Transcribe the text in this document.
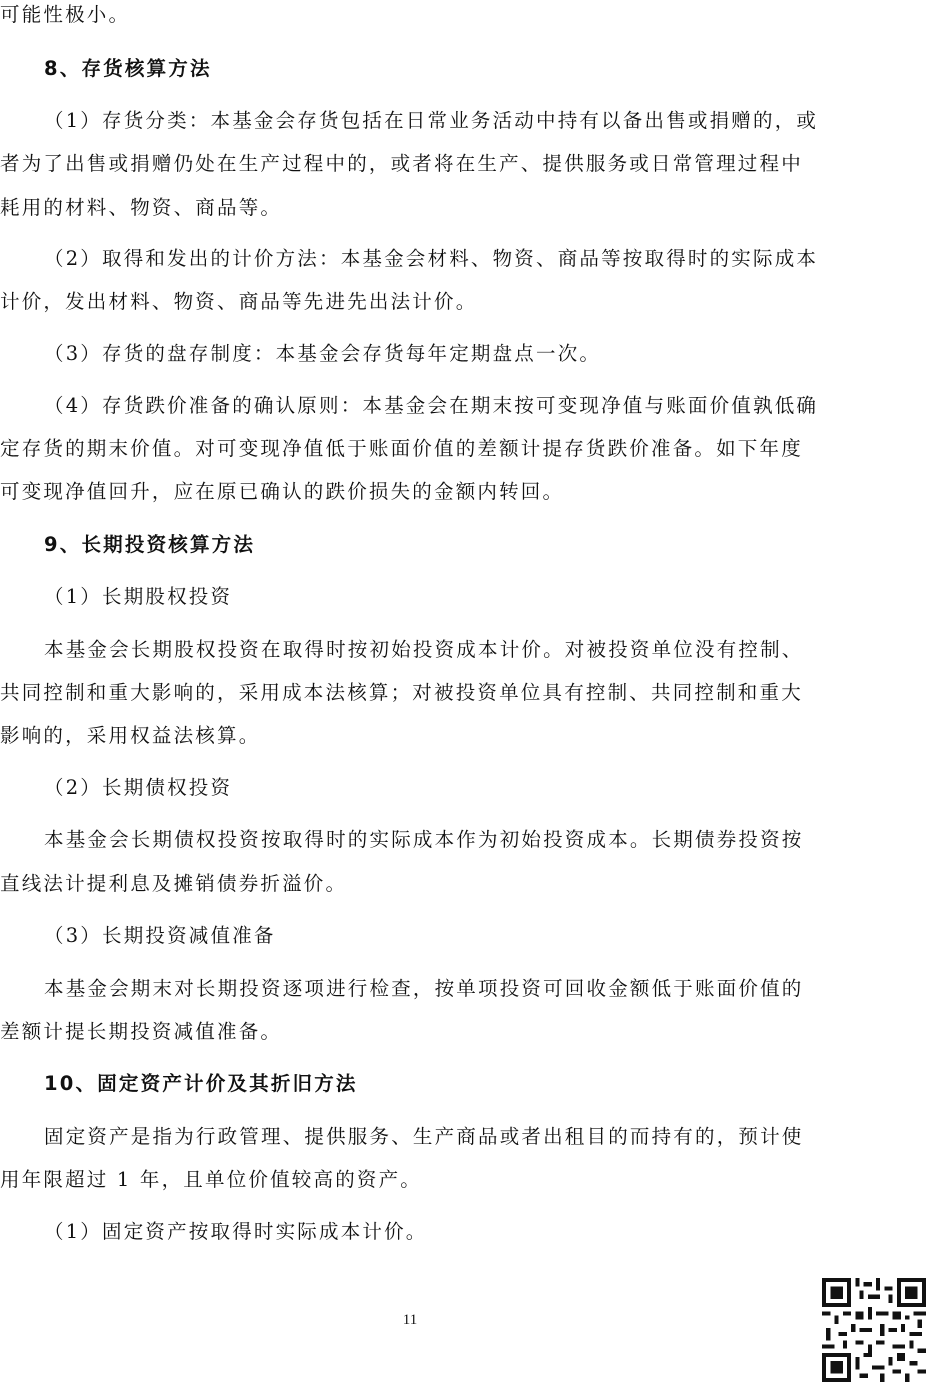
可能性极小。
8、存货核算方法
（1）存货分类：本基金会存货包括在日常业务活动中持有以备出售或捐赠的，或
者为了出售或捐赠仍处在生产过程中的，或者将在生产、提供服务或日常管理过程中
耗用的材料、物资、商品等。
（2）取得和发出的计价方法：本基金会材料、物资、商品等按取得时的实际成本
计价，发出材料、物资、商品等先进先出法计价。
（3）存货的盘存制度：本基金会存货每年定期盘点一次。
（4）存货跌价准备的确认原则：本基金会在期末按可变现净值与账面价值孰低确
定存货的期末价值。对可变现净值低于账面价值的差额计提存货跌价准备。如下年度
可变现净值回升，应在原已确认的跌价损失的金额内转回。
9、长期投资核算方法
（1）长期股权投资
本基金会长期股权投资在取得时按初始投资成本计价。对被投资单位没有控制、
共同控制和重大影响的，采用成本法核算；对被投资单位具有控制、共同控制和重大
影响的，采用权益法核算。
（2）长期债权投资
本基金会长期债权投资按取得时的实际成本作为初始投资成本。长期债券投资按
直线法计提利息及摊销债券折溢价。
（3）长期投资减值准备
本基金会期末对长期投资逐项进行检查，按单项投资可回收金额低于账面价值的
差额计提长期投资减值准备。
10、固定资产计价及其折旧方法
固定资产是指为行政管理、提供服务、生产商品或者出租目的而持有的，预计使
用年限超过 1 年，且单位价值较高的资产。
（1）固定资产按取得时实际成本计价。
11
